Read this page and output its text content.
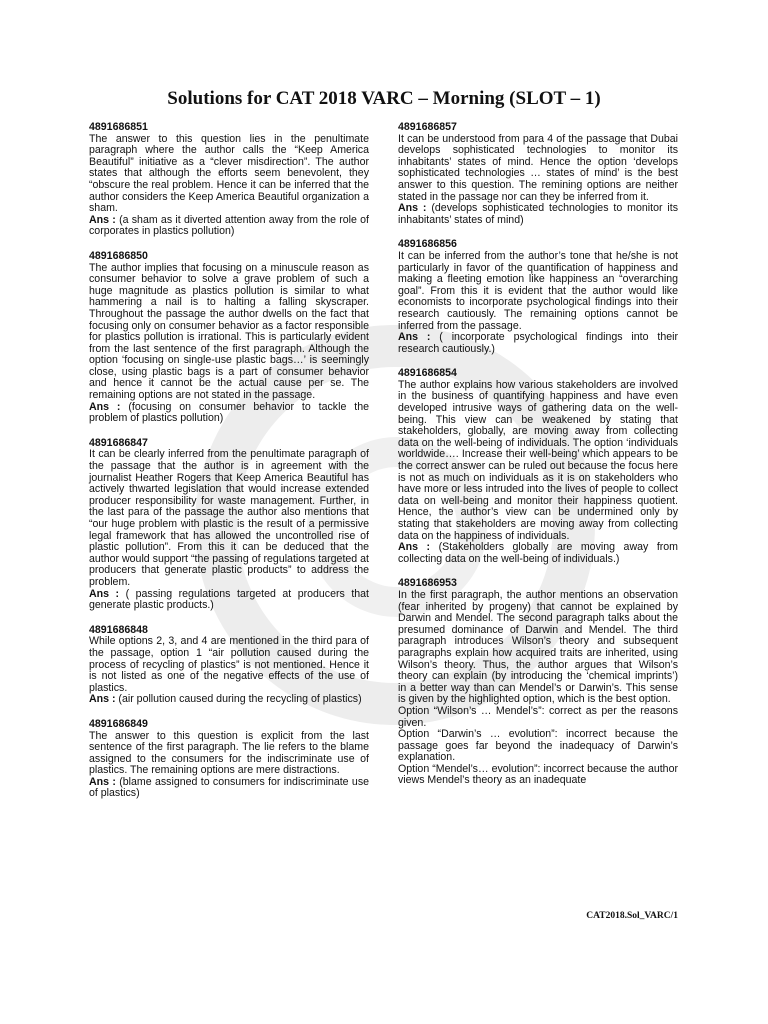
Solutions for CAT 2018 VARC – Morning (SLOT – 1)
4891686851

The answer to this question lies in the penultimate paragraph where the author calls the “Keep America Beautiful” initiative as a “clever misdirection”. The author states that although the efforts seem benevolent, they “obscure the real problem. Hence it can be inferred that the author considers the Keep America Beautiful organization a sham.

Ans : (a sham as it diverted attention away from the role of corporates in plastics pollution)
4891686850

The author implies that focusing on a minuscule reason as consumer behavior to solve a grave problem of such a huge magnitude as plastics pollution is similar to what hammering a nail is to halting a falling skyscraper. Throughout the passage the author dwells on the fact that focusing only on consumer behavior as a factor responsible for plastics pollution is irrational. This is particularly evident from the last sentence of the first paragraph. Although the option ‘focusing on single-use plastic bags…’ is seemingly close, using plastic bags is a part of consumer behavior and hence it cannot be the actual cause per se. The remaining options are not stated in the passage.

Ans : (focusing on consumer behavior to tackle the problem of plastics pollution)
4891686847

It can be clearly inferred from the penultimate paragraph of the passage that the author is in agreement with the journalist Heather Rogers that Keep America Beautiful has actively thwarted legislation that would increase extended producer responsibility for waste management. Further, in the last para of the passage the author also mentions that “our huge problem with plastic is the result of a permissive legal framework that has allowed the uncontrolled rise of plastic pollution”. From this it can be deduced that the author would support “the passing of regulations targeted at producers that generate plastic products” to address the problem.

Ans : ( passing regulations targeted at producers that generate plastic products.)
4891686848

While options 2, 3, and 4 are mentioned in the third para of the passage, option 1 “air pollution caused during the process of recycling of plastics” is not mentioned. Hence it is not listed as one of the negative effects of the use of plastics.

Ans : (air pollution caused during the recycling of plastics)
4891686849

The answer to this question is explicit from the last sentence of the first paragraph. The lie refers to the blame assigned to the consumers for the indiscriminate use of plastics. The remaining options are mere distractions.

Ans : (blame assigned to consumers for indiscriminate use of plastics)
4891686857

It can be understood from para 4 of the passage that Dubai develops sophisticated technologies to monitor its inhabitants’ states of mind. Hence the option ‘develops sophisticated technologies … states of mind’ is the best answer to this question. The remining options are neither stated in the passage nor can they be inferred from it.

Ans : (develops sophisticated technologies to monitor its inhabitants’ states of mind)
4891686856

It can be inferred from the author’s tone that he/she is not particularly in favor of the quantification of happiness and making a fleeting emotion like happiness an “overarching goal”. From this it is evident that the author would like economists to incorporate psychological findings into their research cautiously. The remaining options cannot be inferred from the passage.

Ans : ( incorporate psychological findings into their research cautiously.)
4891686854

The author explains how various stakeholders are involved in the business of quantifying happiness and have even developed intrusive ways of gathering data on the well-being. This view can be weakened by stating that stakeholders, globally, are moving away from collecting data on the well-being of individuals. The option ‘individuals worldwide…. Increase their well-being’ which appears to be the correct answer can be ruled out because the focus here is not as much on individuals as it is on stakeholders who have more or less intruded into the lives of people to collect data on well-being and monitor their happiness quotient. Hence, the author’s view can be undermined only by stating that stakeholders are moving away from collecting data on the happiness of individuals.

Ans : (Stakeholders globally are moving away from collecting data on the well-being of individuals.)
4891686953

In the first paragraph, the author mentions an observation (fear inherited by progeny) that cannot be explained by Darwin and Mendel. The second paragraph talks about the presumed dominance of Darwin and Mendel. The third paragraph introduces Wilson’s theory and subsequent paragraphs explain how acquired traits are inherited, using Wilson’s theory. Thus, the author argues that Wilson’s theory can explain (by introducing the ‘chemical imprints’) in a better way than can Mendel’s or Darwin’s. This sense is given by the highlighted option, which is the best option.

Option “Wilson’s … Mendel’s”: correct as per the reasons given.

Option “Darwin’s … evolution”: incorrect because the passage goes far beyond the inadequacy of Darwin’s explanation.

Option “Mendel’s… evolution”: incorrect because the author views Mendel’s theory as an inadequate

CAT2018.Sol_VARC/1
